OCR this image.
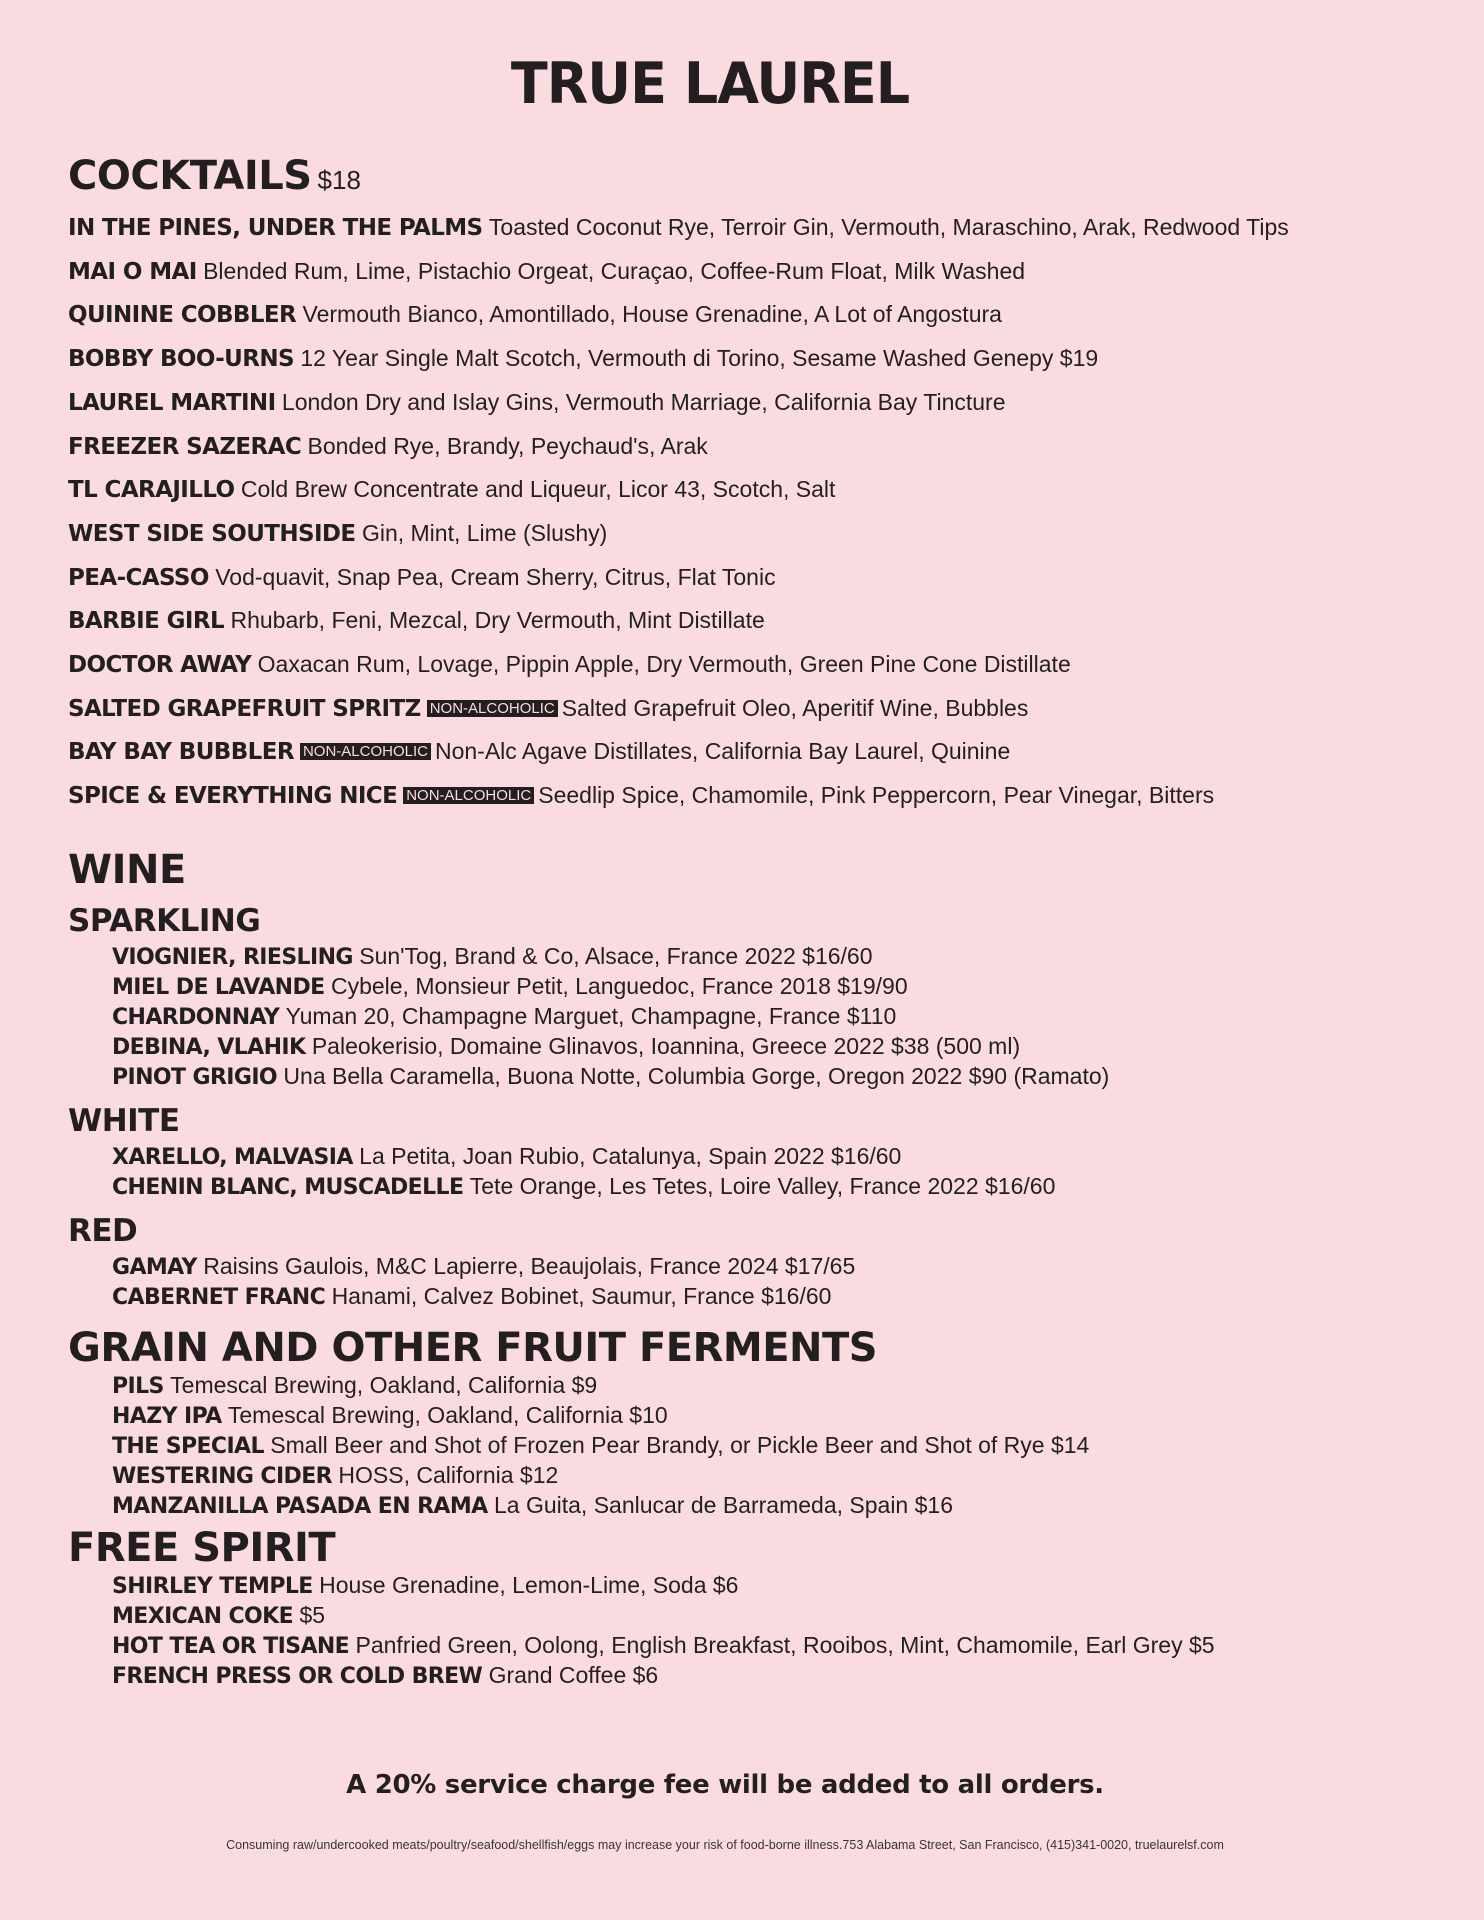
TRUE LAUREL
COCKTAILS $18
IN THE PINES, UNDER THE PALMS Toasted Coconut Rye, Terroir Gin, Vermouth, Maraschino, Arak, Redwood Tips
MAI O MAI Blended Rum, Lime, Pistachio Orgeat, Curaçao, Coffee-Rum Float, Milk Washed
QUININE COBBLER Vermouth Bianco, Amontillado, House Grenadine, A Lot of Angostura
BOBBY BOO-URNS 12 Year Single Malt Scotch, Vermouth di Torino, Sesame Washed Genepy $19
LAUREL MARTINI London Dry and Islay Gins, Vermouth Marriage, California Bay Tincture
FREEZER SAZERAC Bonded Rye, Brandy, Peychaud's, Arak
TL CARAJILLO Cold Brew Concentrate and Liqueur, Licor 43, Scotch, Salt
WEST SIDE SOUTHSIDE Gin, Mint, Lime (Slushy)
PEA-CASSO Vod-quavit, Snap Pea, Cream Sherry, Citrus, Flat Tonic
BARBIE GIRL Rhubarb, Feni, Mezcal, Dry Vermouth, Mint Distillate
DOCTOR AWAY Oaxacan Rum, Lovage, Pippin Apple, Dry Vermouth, Green Pine Cone Distillate
SALTED GRAPEFRUIT SPRITZ NON-ALCOHOLIC Salted Grapefruit Oleo, Aperitif Wine, Bubbles
BAY BAY BUBBLER NON-ALCOHOLIC Non-Alc Agave Distillates, California Bay Laurel, Quinine
SPICE & EVERYTHING NICE NON-ALCOHOLIC Seedlip Spice, Chamomile, Pink Peppercorn, Pear Vinegar, Bitters
WINE
SPARKLING
VIOGNIER, RIESLING Sun'Tog, Brand & Co, Alsace, France 2022 $16/60
MIEL DE LAVANDE Cybele, Monsieur Petit, Languedoc, France 2018 $19/90
CHARDONNAY Yuman 20, Champagne Marguet, Champagne, France $110
DEBINA, VLAHIK Paleokerisio, Domaine Glinavos, Ioannina, Greece 2022 $38 (500 ml)
PINOT GRIGIO Una Bella Caramella, Buona Notte, Columbia Gorge, Oregon 2022 $90 (Ramato)
WHITE
XARELLO, MALVASIA La Petita, Joan Rubio, Catalunya, Spain 2022 $16/60
CHENIN BLANC, MUSCADELLE Tete Orange, Les Tetes, Loire Valley, France 2022 $16/60
RED
GAMAY Raisins Gaulois, M&C Lapierre, Beaujolais, France 2024 $17/65
CABERNET FRANC Hanami, Calvez Bobinet, Saumur, France $16/60
GRAIN AND OTHER FRUIT FERMENTS
PILS Temescal Brewing, Oakland, California $9
HAZY IPA Temescal Brewing, Oakland, California $10
THE SPECIAL Small Beer and Shot of Frozen Pear Brandy, or Pickle Beer and Shot of Rye $14
WESTERING CIDER HOSS, California $12
MANZANILLA PASADA EN RAMA La Guita, Sanlucar de Barrameda, Spain $16
FREE SPIRIT
SHIRLEY TEMPLE House Grenadine, Lemon-Lime, Soda $6
MEXICAN COKE $5
HOT TEA OR TISANE Panfried Green, Oolong, English Breakfast, Rooibos, Mint, Chamomile, Earl Grey $5
FRENCH PRESS OR COLD BREW Grand Coffee $6
A 20% service charge fee will be added to all orders.
Consuming raw/undercooked meats/poultry/seafood/shellfish/eggs may increase your risk of food-borne illness.753 Alabama Street, San Francisco, (415)341-0020, truelaurelsf.com
